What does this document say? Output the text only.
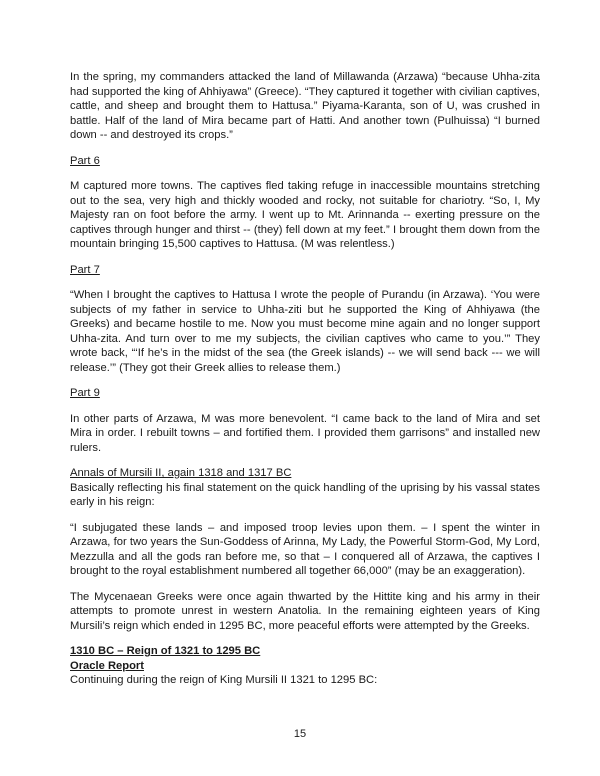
In the spring, my commanders attacked the land of Millawanda (Arzawa) “because Uhha-zita had supported the king of Ahhiyawa” (Greece). “They captured it together with civilian captives, cattle, and sheep and brought them to Hattusa.” Piyama-Karanta, son of U, was crushed in battle. Half of the land of Mira became part of Hatti. And another town (Pulhuissa) “I burned down -- and destroyed its crops.”

Part 6

M captured more towns. The captives fled taking refuge in inaccessible mountains stretching out to the sea, very high and thickly wooded and rocky, not suitable for chariotry. “So, I, My Majesty ran on foot before the army. I went up to Mt. Arinnanda -- exerting pressure on the captives through hunger and thirst -- (they) fell down at my feet.” I brought them down from the mountain bringing 15,500 captives to Hattusa. (M was relentless.)

Part 7

“When I brought the captives to Hattusa I wrote the people of Purandu (in Arzawa). ‘You were subjects of my father in service to Uhha-ziti but he supported the King of Ahhiyawa (the Greeks) and became hostile to me. Now you must become mine again and no longer support Uhha-zita. And turn over to me my subjects, the civilian captives who came to you.’” They wrote back, “‘If he’s in the midst of the sea (the Greek islands) -- we will send back --- we will release.’” (They got their Greek allies to release them.)

Part 9

In other parts of Arzawa, M was more benevolent. “I came back to the land of Mira and set Mira in order. I rebuilt towns – and fortified them. I provided them garrisons” and installed new rulers.

Annals of Mursili II, again 1318 and 1317 BC

Basically reflecting his final statement on the quick handling of the uprising by his vassal states early in his reign:

“I subjugated these lands – and imposed troop levies upon them. – I spent the winter in Arzawa, for two years the Sun-Goddess of Arinna, My Lady, the Powerful Storm-God, My Lord, Mezzulla and all the gods ran before me, so that – I conquered all of Arzawa, the captives I brought to the royal establishment numbered all together 66,000” (may be an exaggeration).

The Mycenaean Greeks were once again thwarted by the Hittite king and his army in their attempts to promote unrest in western Anatolia. In the remaining eighteen years of King Mursili’s reign which ended in 1295 BC, more peaceful efforts were attempted by the Greeks.

1310 BC – Reign of 1321 to 1295 BC

Oracle Report

Continuing during the reign of King Mursili II 1321 to 1295 BC:

15
